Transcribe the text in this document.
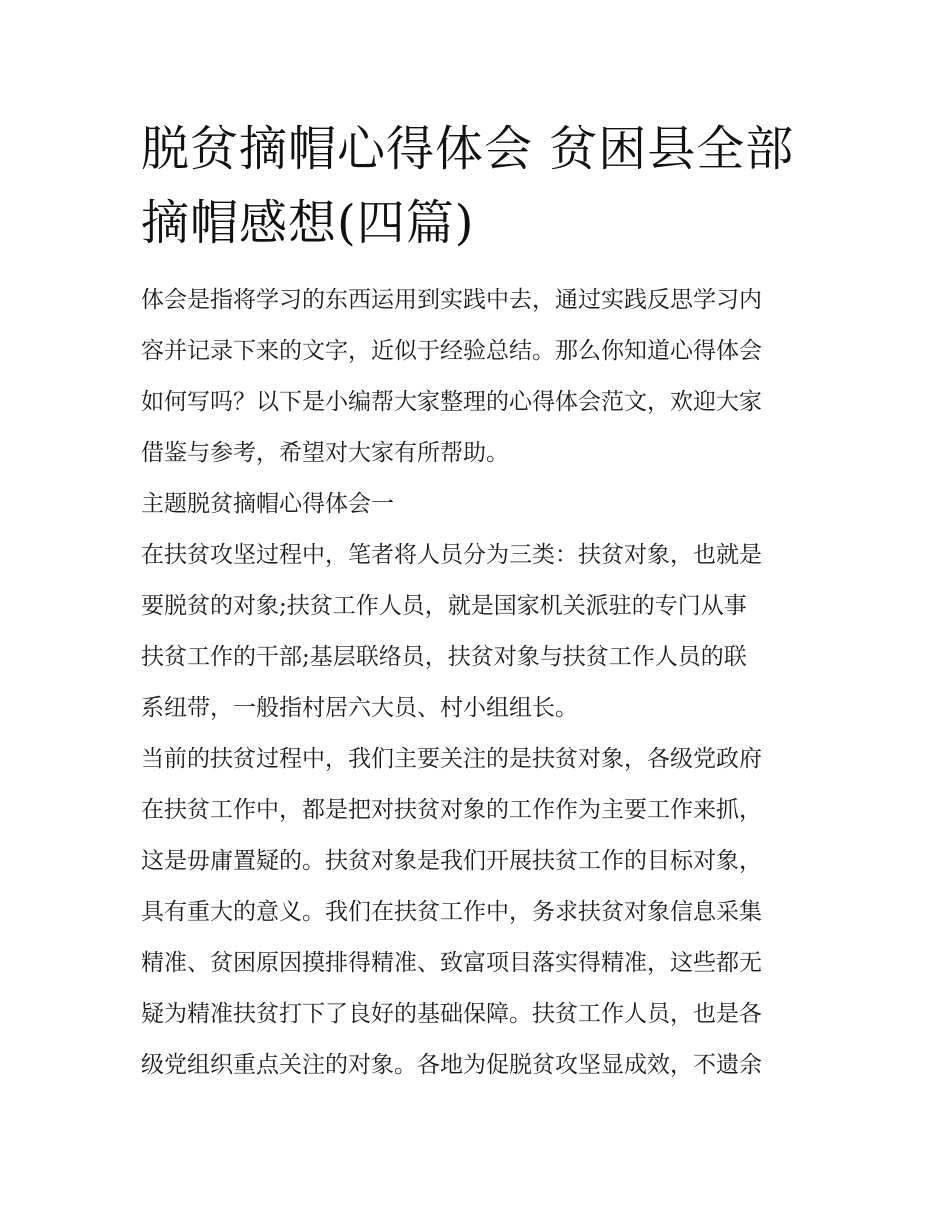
脱贫摘帽心得体会 贫困县全部
摘帽感想(四篇)
体会是指将学习的东西运用到实践中去，通过实践反思学习内
容并记录下来的文字，近似于经验总结。那么你知道心得体会
如何写吗？以下是小编帮大家整理的心得体会范文，欢迎大家
借鉴与参考，希望对大家有所帮助。
主题脱贫摘帽心得体会一
在扶贫攻坚过程中，笔者将人员分为三类：扶贫对象，也就是
要脱贫的对象;扶贫工作人员，就是国家机关派驻的专门从事
扶贫工作的干部;基层联络员，扶贫对象与扶贫工作人员的联
系纽带，一般指村居六大员、村小组组长。
当前的扶贫过程中，我们主要关注的是扶贫对象，各级党政府
在扶贫工作中，都是把对扶贫对象的工作作为主要工作来抓，
这是毋庸置疑的。扶贫对象是我们开展扶贫工作的目标对象，
具有重大的意义。我们在扶贫工作中，务求扶贫对象信息采集
精准、贫困原因摸排得精准、致富项目落实得精准，这些都无
疑为精准扶贫打下了良好的基础保障。扶贫工作人员，也是各
级党组织重点关注的对象。各地为促脱贫攻坚显成效，不遗余
